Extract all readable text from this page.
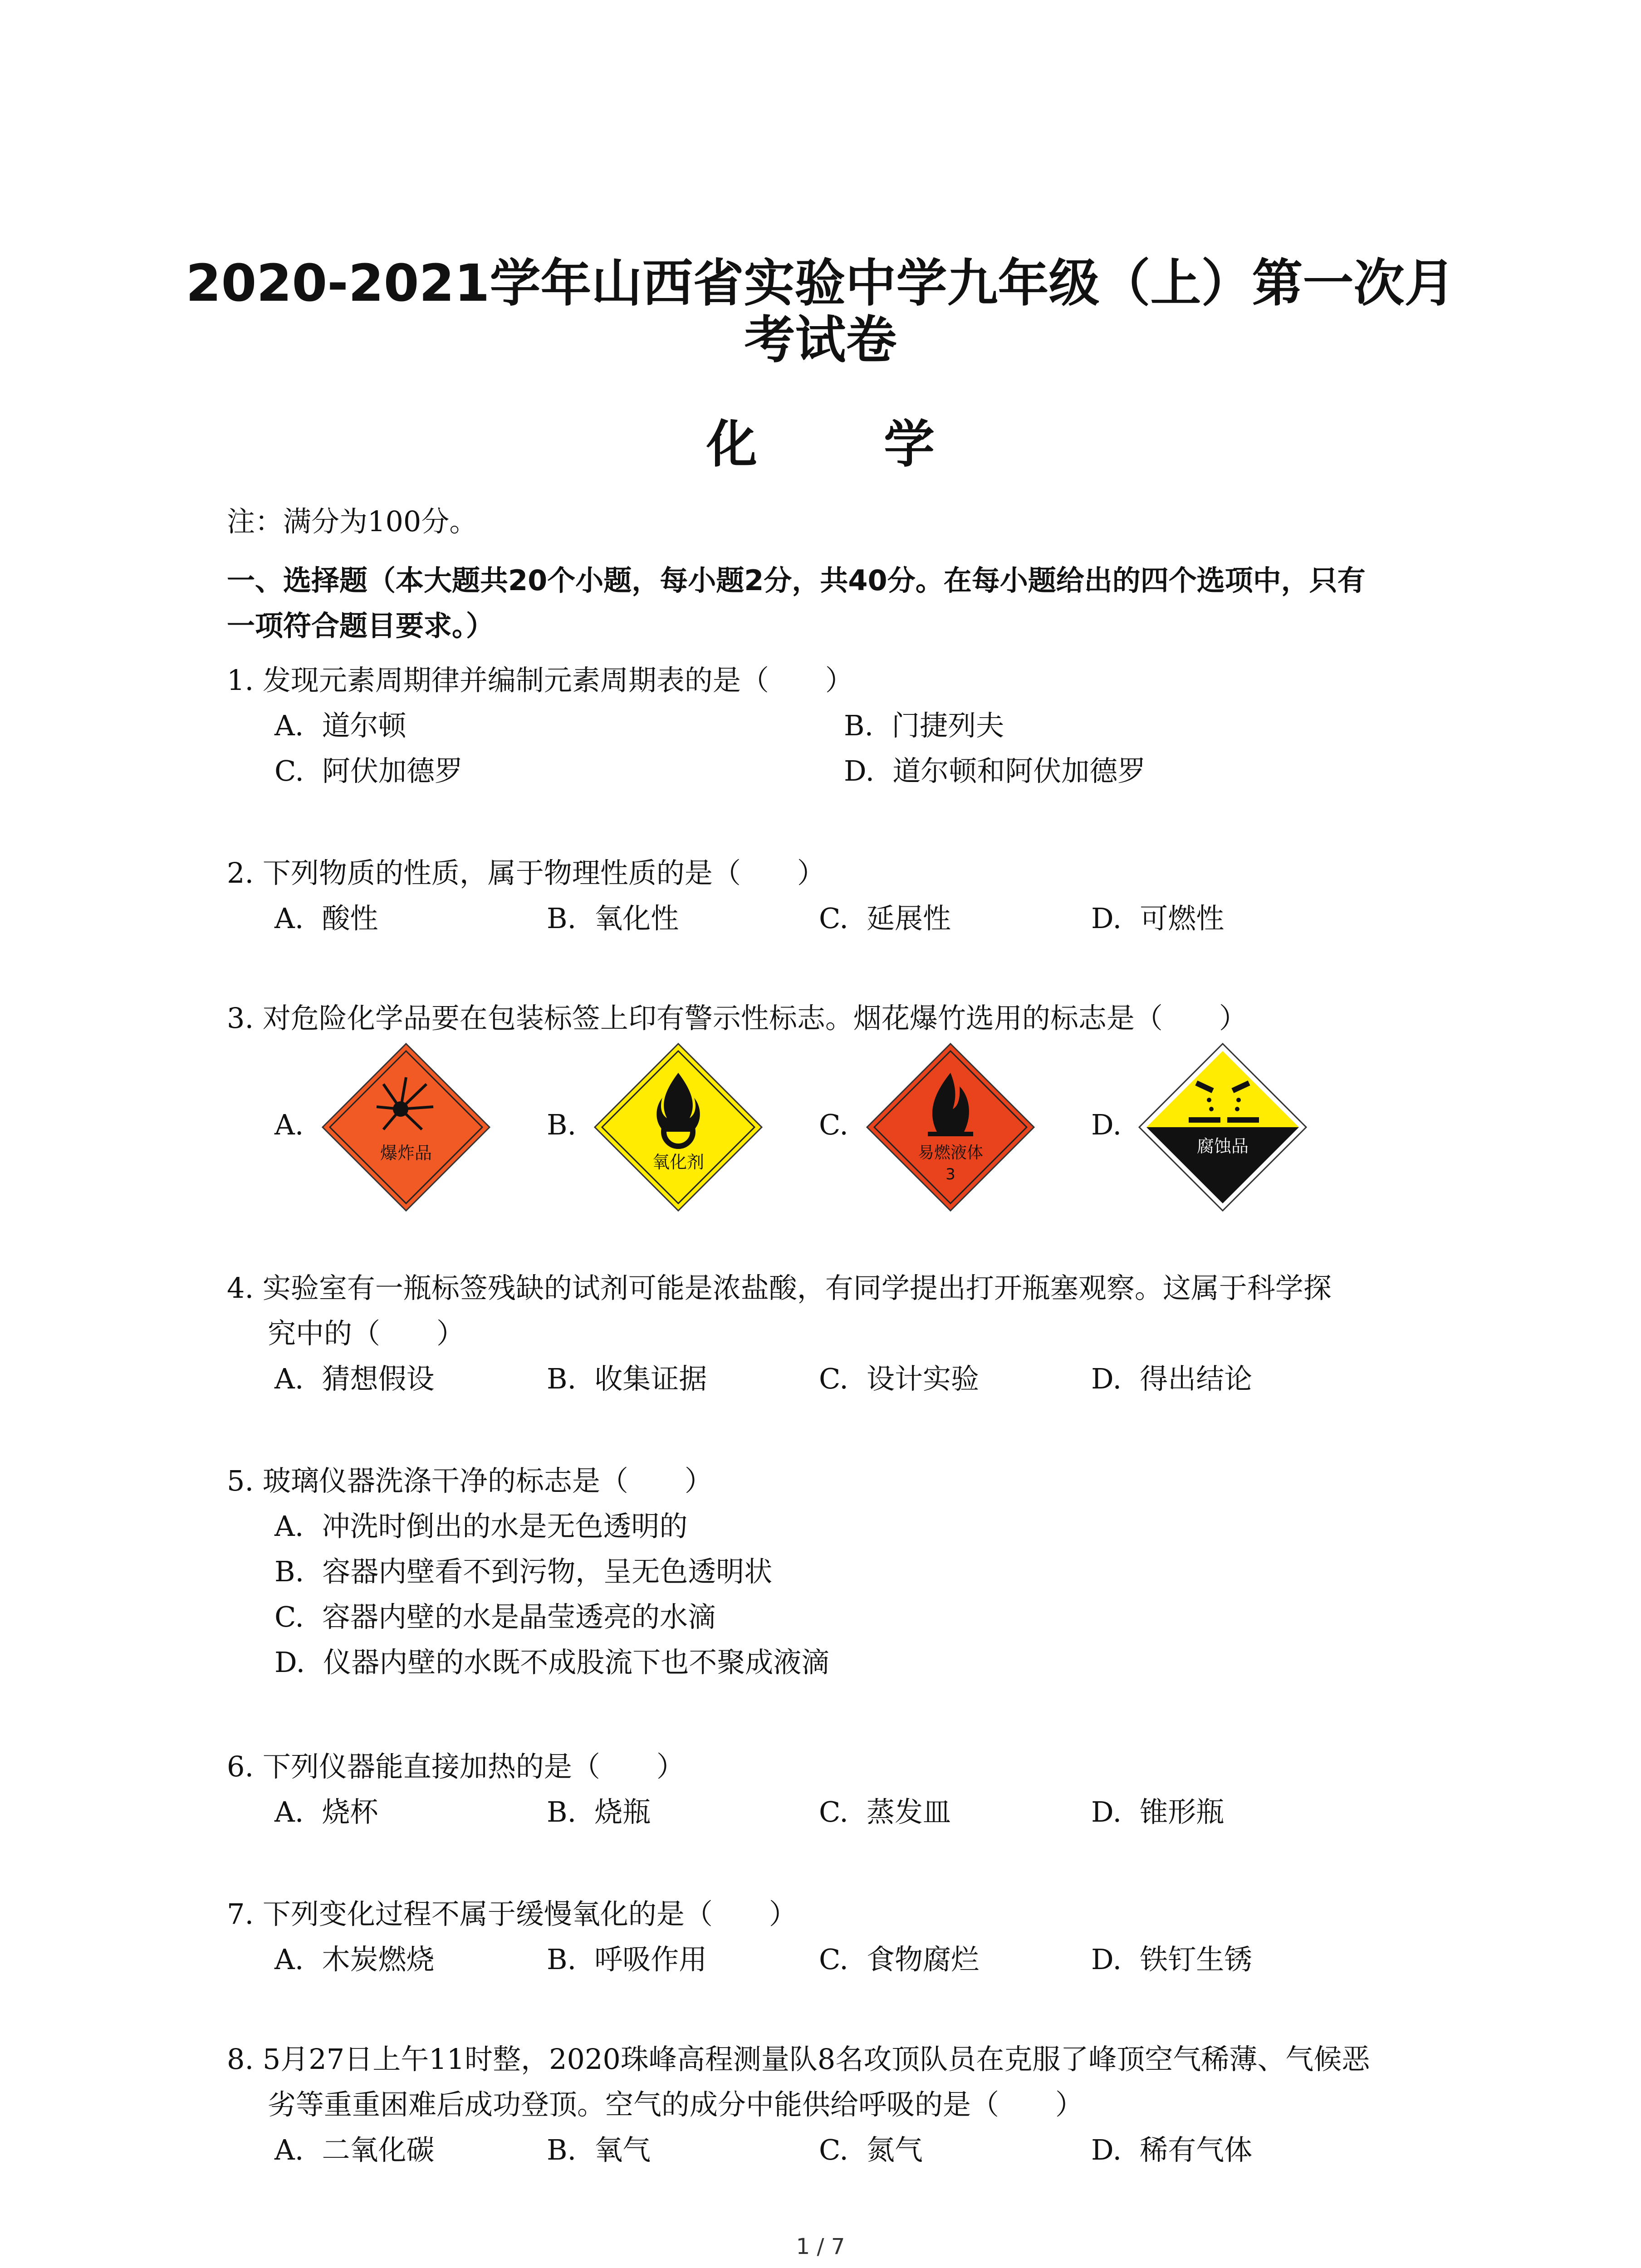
2020-2021学年山西省实验中学九年级（上）第一次月
考试卷
化 学
注：满分为100分。
一、选择题（本大题共20个小题，每小题2分，共40分。在每小题给出的四个选项中，只有
一项符合题目要求。）
1. 发现元素周期律并编制元素周期表的是（　　）
A. 道尔顿	B. 门捷列夫
C. 阿伏加德罗	D. 道尔顿和阿伏加德罗
2. 下列物质的性质，属于物理性质的是（　　）
A. 酸性	B. 氧化性	C. 延展性	D. 可燃性
3. 对危险化学品要在包装标签上印有警示性标志。烟花爆竹选用的标志是（　　）
A.	B.	C.	D.
爆炸品	氧化剂	易燃液体
3
腐蚀品
4. 实验室有一瓶标签残缺的试剂可能是浓盐酸，有同学提出打开瓶塞观察。这属于科学探
究中的（　　）
A. 猜想假设	B. 收集证据	C. 设计实验	D. 得出结论
5. 玻璃仪器洗涤干净的标志是（　　）
A. 冲洗时倒出的水是无色透明的
B. 容器内壁看不到污物，呈无色透明状
C. 容器内壁的水是晶莹透亮的水滴
D. 仪器内壁的水既不成股流下也不聚成液滴
6. 下列仪器能直接加热的是（　　）
A. 烧杯	B. 烧瓶	C. 蒸发皿	D. 锥形瓶
7. 下列变化过程不属于缓慢氧化的是（　　）
A. 木炭燃烧	B. 呼吸作用	C. 食物腐烂	D. 铁钉生锈
8. 5月27日上午11时整，2020珠峰高程测量队8名攻顶队员在克服了峰顶空气稀薄、气候恶
劣等重重困难后成功登顶。空气的成分中能供给呼吸的是（　　）
A. 二氧化碳	B. 氧气	C. 氮气	D. 稀有气体
1 / 7
